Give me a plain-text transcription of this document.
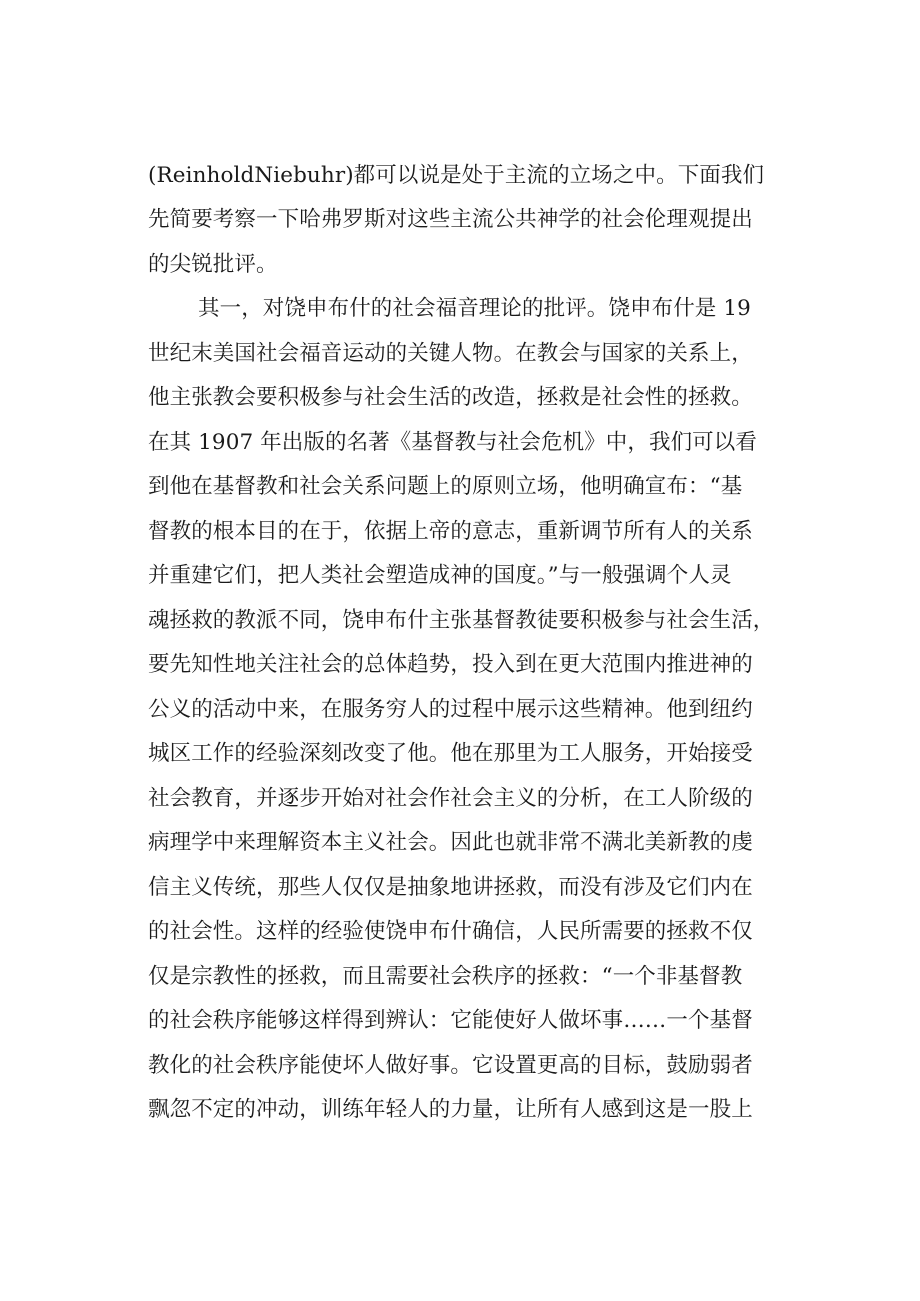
(ReinholdNiebuhr)都可以说是处于主流的立场之中。下面我们
先简要考察一下哈弗罗斯对这些主流公共神学的社会伦理观提出
的尖锐批评。
其一，对饶申布什的社会福音理论的批评。饶申布什是 19
世纪末美国社会福音运动的关键人物。在教会与国家的关系上，
他主张教会要积极参与社会生活的改造，拯救是社会性的拯救。
在其 1907 年出版的名著《基督教与社会危机》中，我们可以看
到他在基督教和社会关系问题上的原则立场，他明确宣布：“基
督教的根本目的在于，依据上帝的意志，重新调节所有人的关系
并重建它们，把人类社会塑造成神的国度。”与一般强调个人灵
魂拯救的教派不同，饶申布什主张基督教徒要积极参与社会生活，
要先知性地关注社会的总体趋势，投入到在更大范围内推进神的
公义的活动中来，在服务穷人的过程中展示这些精神。他到纽约
城区工作的经验深刻改变了他。他在那里为工人服务，开始接受
社会教育，并逐步开始对社会作社会主义的分析，在工人阶级的
病理学中来理解资本主义社会。因此也就非常不满北美新教的虔
信主义传统，那些人仅仅是抽象地讲拯救，而没有涉及它们内在
的社会性。这样的经验使饶申布什确信，人民所需要的拯救不仅
仅是宗教性的拯救，而且需要社会秩序的拯救：“一个非基督教
的社会秩序能够这样得到辨认：它能使好人做坏事……一个基督
教化的社会秩序能使坏人做好事。它设置更高的目标，鼓励弱者
飘忽不定的冲动，训练年轻人的力量，让所有人感到这是一股上
